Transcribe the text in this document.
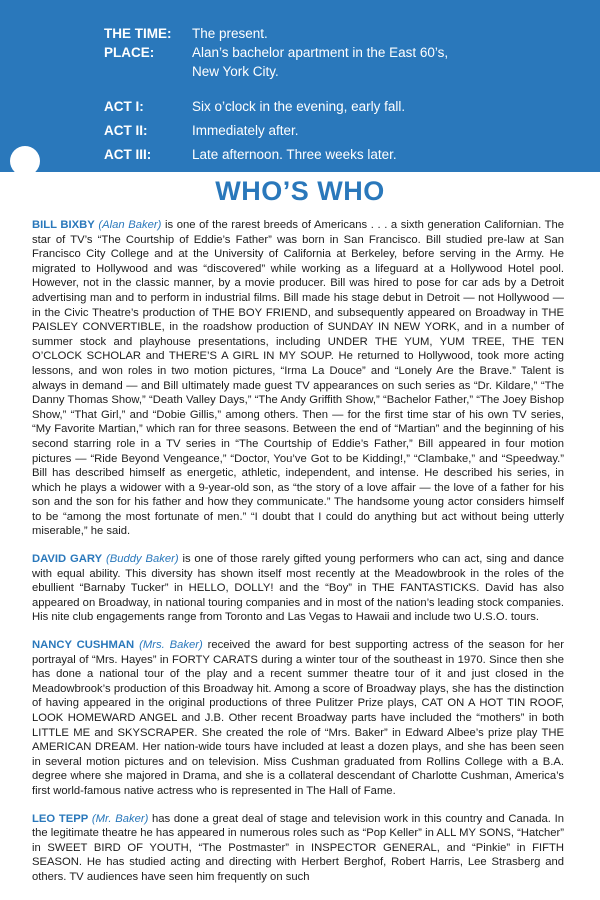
THE TIME:	The present.
PLACE:	Alan’s bachelor apartment in the East 60’s,
New York City.
ACT I:	Six o’clock in the evening, early fall.
ACT II:	Immediately after.
ACT III:	Late afternoon. Three weeks later.
WHO’S WHO

BILL BIXBY (Alan Baker) is one of the rarest breeds of Americans . . . a sixth generation Californian. The star of TV’s “The Courtship of Eddie’s Father” was born in San Francisco. Bill studied pre-law at San Francisco City College and at the University of California at Berkeley, before serving in the Army. He migrated to Hollywood and was “discovered” while working as a lifeguard at a Hollywood Hotel pool. However, not in the classic manner, by a movie producer. Bill was hired to pose for car ads by a Detroit advertising man and to perform in industrial films. Bill made his stage debut in Detroit — not Hollywood — in the Civic Theatre’s production of THE BOY FRIEND, and subsequently appeared on Broadway in THE PAISLEY CONVERTIBLE, in the roadshow production of SUNDAY IN NEW YORK, and in a number of summer stock and playhouse presentations, including UNDER THE YUM, YUM TREE, THE TEN O’CLOCK SCHOLAR and THERE’S A GIRL IN MY SOUP. He returned to Hollywood, took more acting lessons, and won roles in two motion pictures, “Irma La Douce” and “Lonely Are the Brave.” Talent is always in demand — and Bill ultimately made guest TV appearances on such series as “Dr. Kildare,” “The Danny Thomas Show,” “Death Valley Days,” “The Andy Griffith Show,” “Bachelor Father,” “The Joey Bishop Show,” “That Girl,” and “Dobie Gillis,” among others. Then — for the first time star of his own TV series, “My Favorite Martian,” which ran for three seasons. Between the end of “Martian” and the beginning of his second starring role in a TV series in “The Courtship of Eddie’s Father,” Bill appeared in four motion pictures — “Ride Beyond Vengeance,” “Doctor, You’ve Got to be Kidding!,” “Clambake,” and “Speedway.” Bill has described himself as energetic, athletic, independent, and intense. He described his series, in which he plays a widower with a 9-year-old son, as “the story of a love affair — the love of a father for his son and the son for his father and how they communicate.” The handsome young actor considers himself to be “among the most fortunate of men.” “I doubt that I could do anything but act without being utterly miserable,” he said.

DAVID GARY (Buddy Baker) is one of those rarely gifted young performers who can act, sing and dance with equal ability. This diversity has shown itself most recently at the Meadowbrook in the roles of the ebullient “Barnaby Tucker” in HELLO, DOLLY! and the “Boy” in THE FANTASTICKS. David has also appeared on Broadway, in national touring companies and in most of the nation’s leading stock companies. His nite club engagements range from Toronto and Las Vegas to Hawaii and include two U.S.O. tours.

NANCY CUSHMAN (Mrs. Baker) received the award for best supporting actress of the season for her portrayal of “Mrs. Hayes” in FORTY CARATS during a winter tour of the southeast in 1970. Since then she has done a national tour of the play and a recent summer theatre tour of it and just closed in the Meadowbrook’s production of this Broadway hit. Among a score of Broadway plays, she has the distinction of having appeared in the original productions of three Pulitzer Prize plays, CAT ON A HOT TIN ROOF, LOOK HOMEWARD ANGEL and J.B. Other recent Broadway parts have included the “mothers” in both LITTLE ME and SKYSCRAPER. She created the role of “Mrs. Baker” in Edward Albee’s prize play THE AMERICAN DREAM. Her nation-wide tours have included at least a dozen plays, and she has been seen in several motion pictures and on television. Miss Cushman graduated from Rollins College with a B.A. degree where she majored in Drama, and she is a collateral descendant of Charlotte Cushman, America’s first world-famous native actress who is represented in The Hall of Fame.

LEO TEPP (Mr. Baker) has done a great deal of stage and television work in this country and Canada. In the legitimate theatre he has appeared in numerous roles such as “Pop Keller” in ALL MY SONS, “Hatcher” in SWEET BIRD OF YOUTH, “The Postmaster” in INSPECTOR GENERAL, and “Pinkie” in FIFTH SEASON. He has studied acting and directing with Herbert Berghof, Robert Harris, Lee Strasberg and others. TV audiences have seen him frequently on such
